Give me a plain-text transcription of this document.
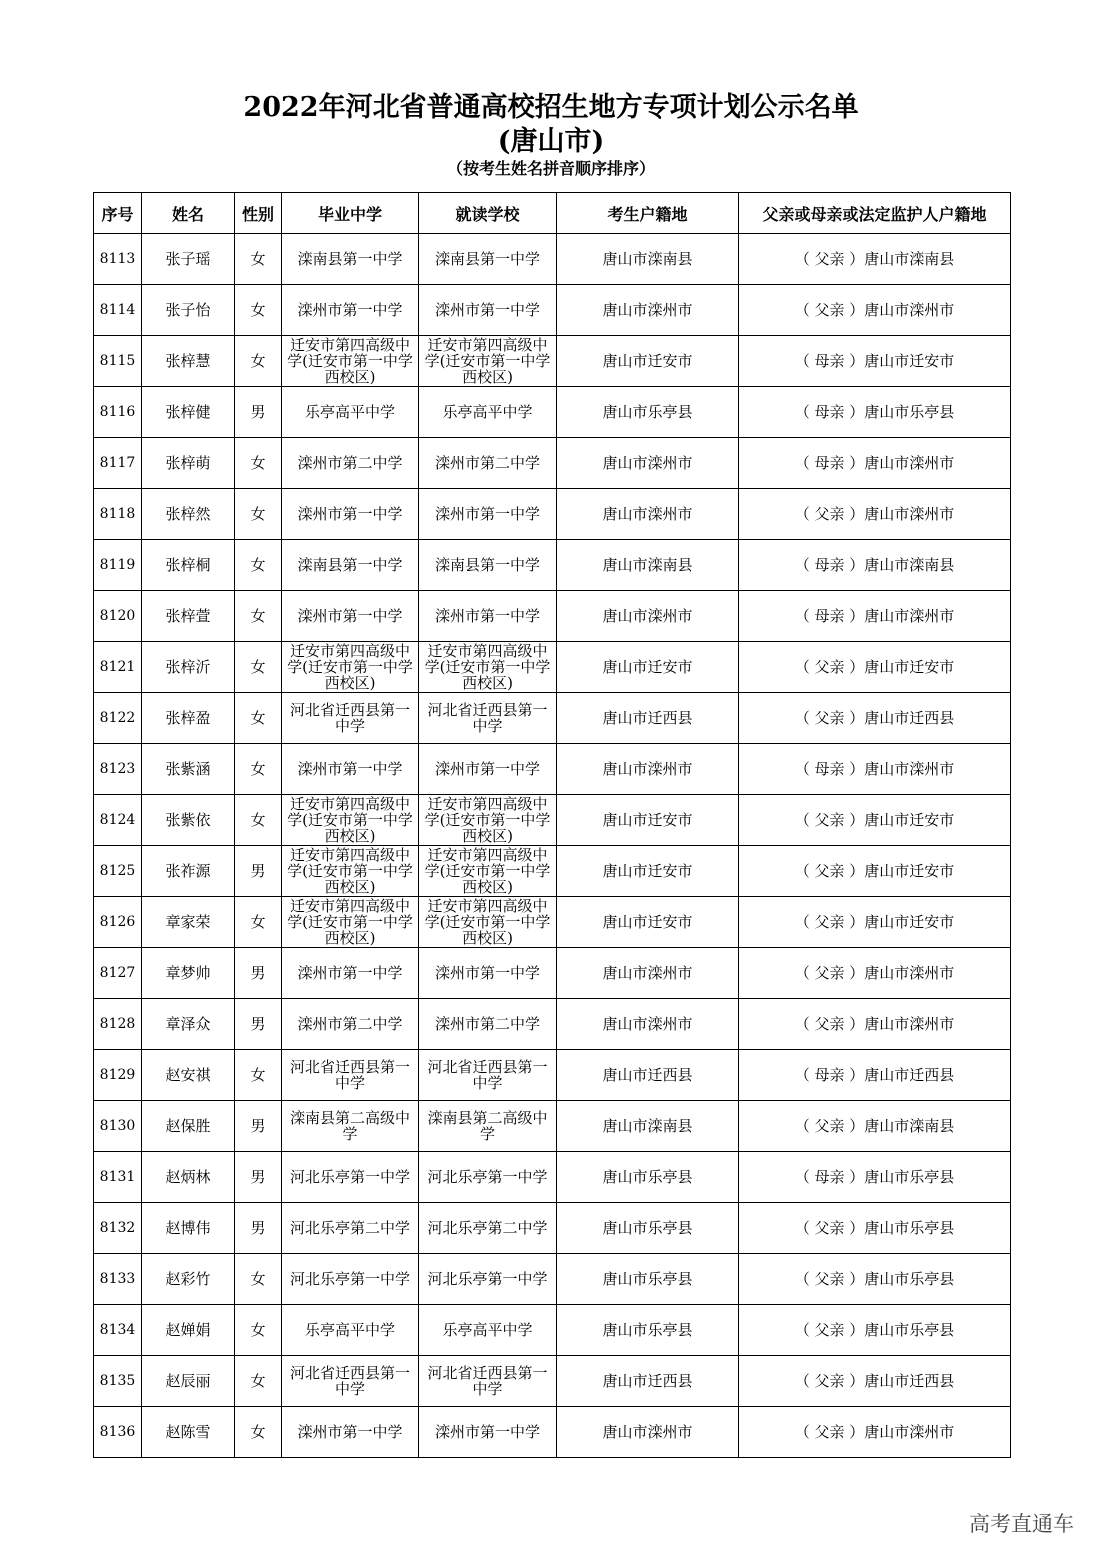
2022年河北省普通高校招生地方专项计划公示名单
(唐山市)
（按考生姓名拼音顺序排序）
序号	姓名	性别	毕业中学	就读学校	考生户籍地	父亲或母亲或法定监护人户籍地
8113	张子瑶	女	滦南县第一中学	滦南县第一中学	唐山市滦南县	（ 父亲 ）唐山市滦南县
8114	张子怡	女	滦州市第一中学	滦州市第一中学	唐山市滦州市	（ 父亲 ）唐山市滦州市
8115	张梓慧	女	迁安市第四高级中学(迁安市第一中学西校区)	迁安市第四高级中学(迁安市第一中学西校区)	唐山市迁安市	（ 母亲 ）唐山市迁安市
8116	张梓健	男	乐亭高平中学	乐亭高平中学	唐山市乐亭县	（ 母亲 ）唐山市乐亭县
8117	张梓萌	女	滦州市第二中学	滦州市第二中学	唐山市滦州市	（ 母亲 ）唐山市滦州市
8118	张梓然	女	滦州市第一中学	滦州市第一中学	唐山市滦州市	（ 父亲 ）唐山市滦州市
8119	张梓桐	女	滦南县第一中学	滦南县第一中学	唐山市滦南县	（ 母亲 ）唐山市滦南县
8120	张梓萱	女	滦州市第一中学	滦州市第一中学	唐山市滦州市	（ 母亲 ）唐山市滦州市
8121	张梓沂	女	迁安市第四高级中学(迁安市第一中学西校区)	迁安市第四高级中学(迁安市第一中学西校区)	唐山市迁安市	（ 父亲 ）唐山市迁安市
8122	张梓盈	女	河北省迁西县第一中学	河北省迁西县第一中学	唐山市迁西县	（ 父亲 ）唐山市迁西县
8123	张紫涵	女	滦州市第一中学	滦州市第一中学	唐山市滦州市	（ 母亲 ）唐山市滦州市
8124	张紫依	女	迁安市第四高级中学(迁安市第一中学西校区)	迁安市第四高级中学(迁安市第一中学西校区)	唐山市迁安市	（ 父亲 ）唐山市迁安市
8125	张祚源	男	迁安市第四高级中学(迁安市第一中学西校区)	迁安市第四高级中学(迁安市第一中学西校区)	唐山市迁安市	（ 父亲 ）唐山市迁安市
8126	章家荣	女	迁安市第四高级中学(迁安市第一中学西校区)	迁安市第四高级中学(迁安市第一中学西校区)	唐山市迁安市	（ 父亲 ）唐山市迁安市
8127	章梦帅	男	滦州市第一中学	滦州市第一中学	唐山市滦州市	（ 父亲 ）唐山市滦州市
8128	章泽众	男	滦州市第二中学	滦州市第二中学	唐山市滦州市	（ 父亲 ）唐山市滦州市
8129	赵安祺	女	河北省迁西县第一中学	河北省迁西县第一中学	唐山市迁西县	（ 母亲 ）唐山市迁西县
8130	赵保胜	男	滦南县第二高级中学	滦南县第二高级中学	唐山市滦南县	（ 父亲 ）唐山市滦南县
8131	赵炳林	男	河北乐亭第一中学	河北乐亭第一中学	唐山市乐亭县	（ 母亲 ）唐山市乐亭县
8132	赵博伟	男	河北乐亭第二中学	河北乐亭第二中学	唐山市乐亭县	（ 父亲 ）唐山市乐亭县
8133	赵彩竹	女	河北乐亭第一中学	河北乐亭第一中学	唐山市乐亭县	（ 父亲 ）唐山市乐亭县
8134	赵婵娟	女	乐亭高平中学	乐亭高平中学	唐山市乐亭县	（ 父亲 ）唐山市乐亭县
8135	赵辰丽	女	河北省迁西县第一中学	河北省迁西县第一中学	唐山市迁西县	（ 父亲 ）唐山市迁西县
8136	赵陈雪	女	滦州市第一中学	滦州市第一中学	唐山市滦州市	（ 父亲 ）唐山市滦州市
高考直通车
